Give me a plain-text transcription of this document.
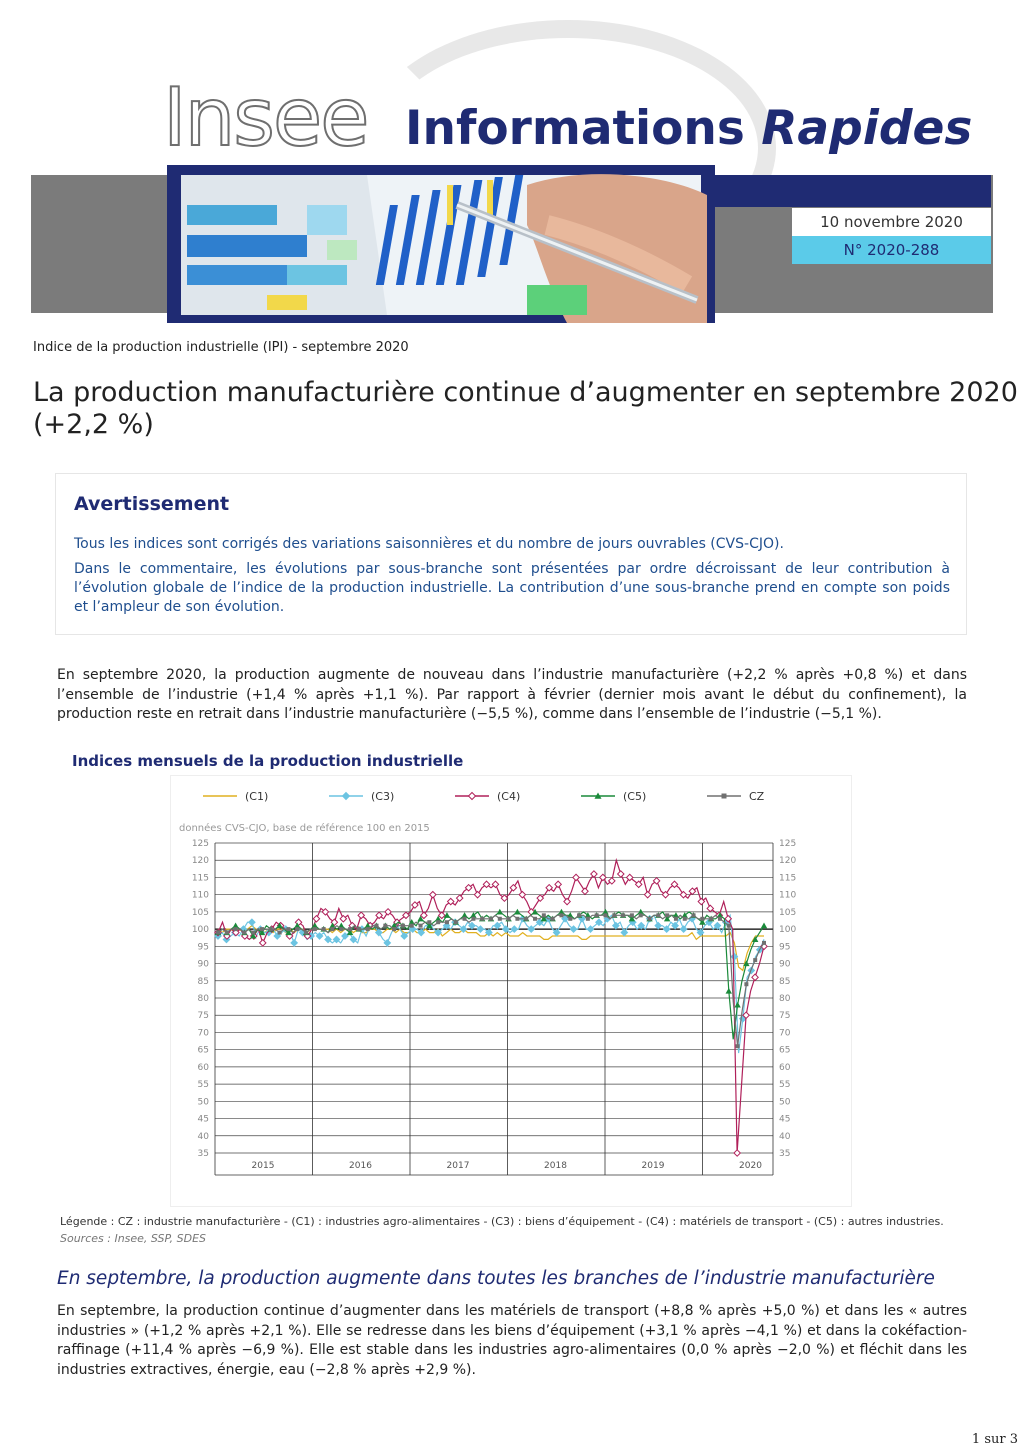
Insee Informations Rapides
10 novembre 2020
N° 2020-288
Indice de la production industrielle (IPI) - septembre 2020
La production manufacturière continue d’augmenter en septembre 2020 (+2,2 %)
Avertissement
Tous les indices sont corrigés des variations saisonnières et du nombre de jours ouvrables (CVS-CJO).
Dans le commentaire, les évolutions par sous-branche sont présentées par ordre décroissant de leur contribution à l’évolution globale de l’indice de la production industrielle. La contribution d’une sous-branche prend en compte son poids et l’ampleur de son évolution.
En septembre 2020, la production augmente de nouveau dans l’industrie manufacturière (+2,2 % après +0,8 %) et dans l’ensemble de l’industrie (+1,4 % après +1,1 %). Par rapport à février (dernier mois avant le début du confinement), la production reste en retrait dans l’industrie manufacturière (−5,5 %), comme dans l’ensemble de l’industrie (−5,1 %).
Indices mensuels de la production industrielle
données CVS-CJO, base de référence 100 en 2015
35	35
40	40
45	45
50	50
55	55
60	60
65	65
70	70
75	75
80	80
85	85
90	90
95	95
100	100
105	105
110	110
115	115
120	120
125	125
2015	2016	2017	2018	2019	2020
(C1)	(C3)	(C4)	(C5)	CZ
Légende : CZ : industrie manufacturière - (C1) : industries agro-alimentaires - (C3) : biens d’équipement - (C4) : matériels de transport - (C5) : autres industries.
Sources : Insee, SSP, SDES
En septembre, la production augmente dans toutes les branches de l’industrie manufacturière
En septembre, la production continue d’augmenter dans les matériels de transport (+8,8 % après +5,0 %) et dans les « autres industries » (+1,2 % après +2,1 %). Elle se redresse dans les biens d’équipement (+3,1 % après −4,1 %) et dans la cokéfaction-raffinage (+11,4 % après −6,9 %). Elle est stable dans les industries agro-alimentaires (0,0 % après −2,0 %) et fléchit dans les industries extractives, énergie, eau (−2,8 % après +2,9 %).
1 sur 3
